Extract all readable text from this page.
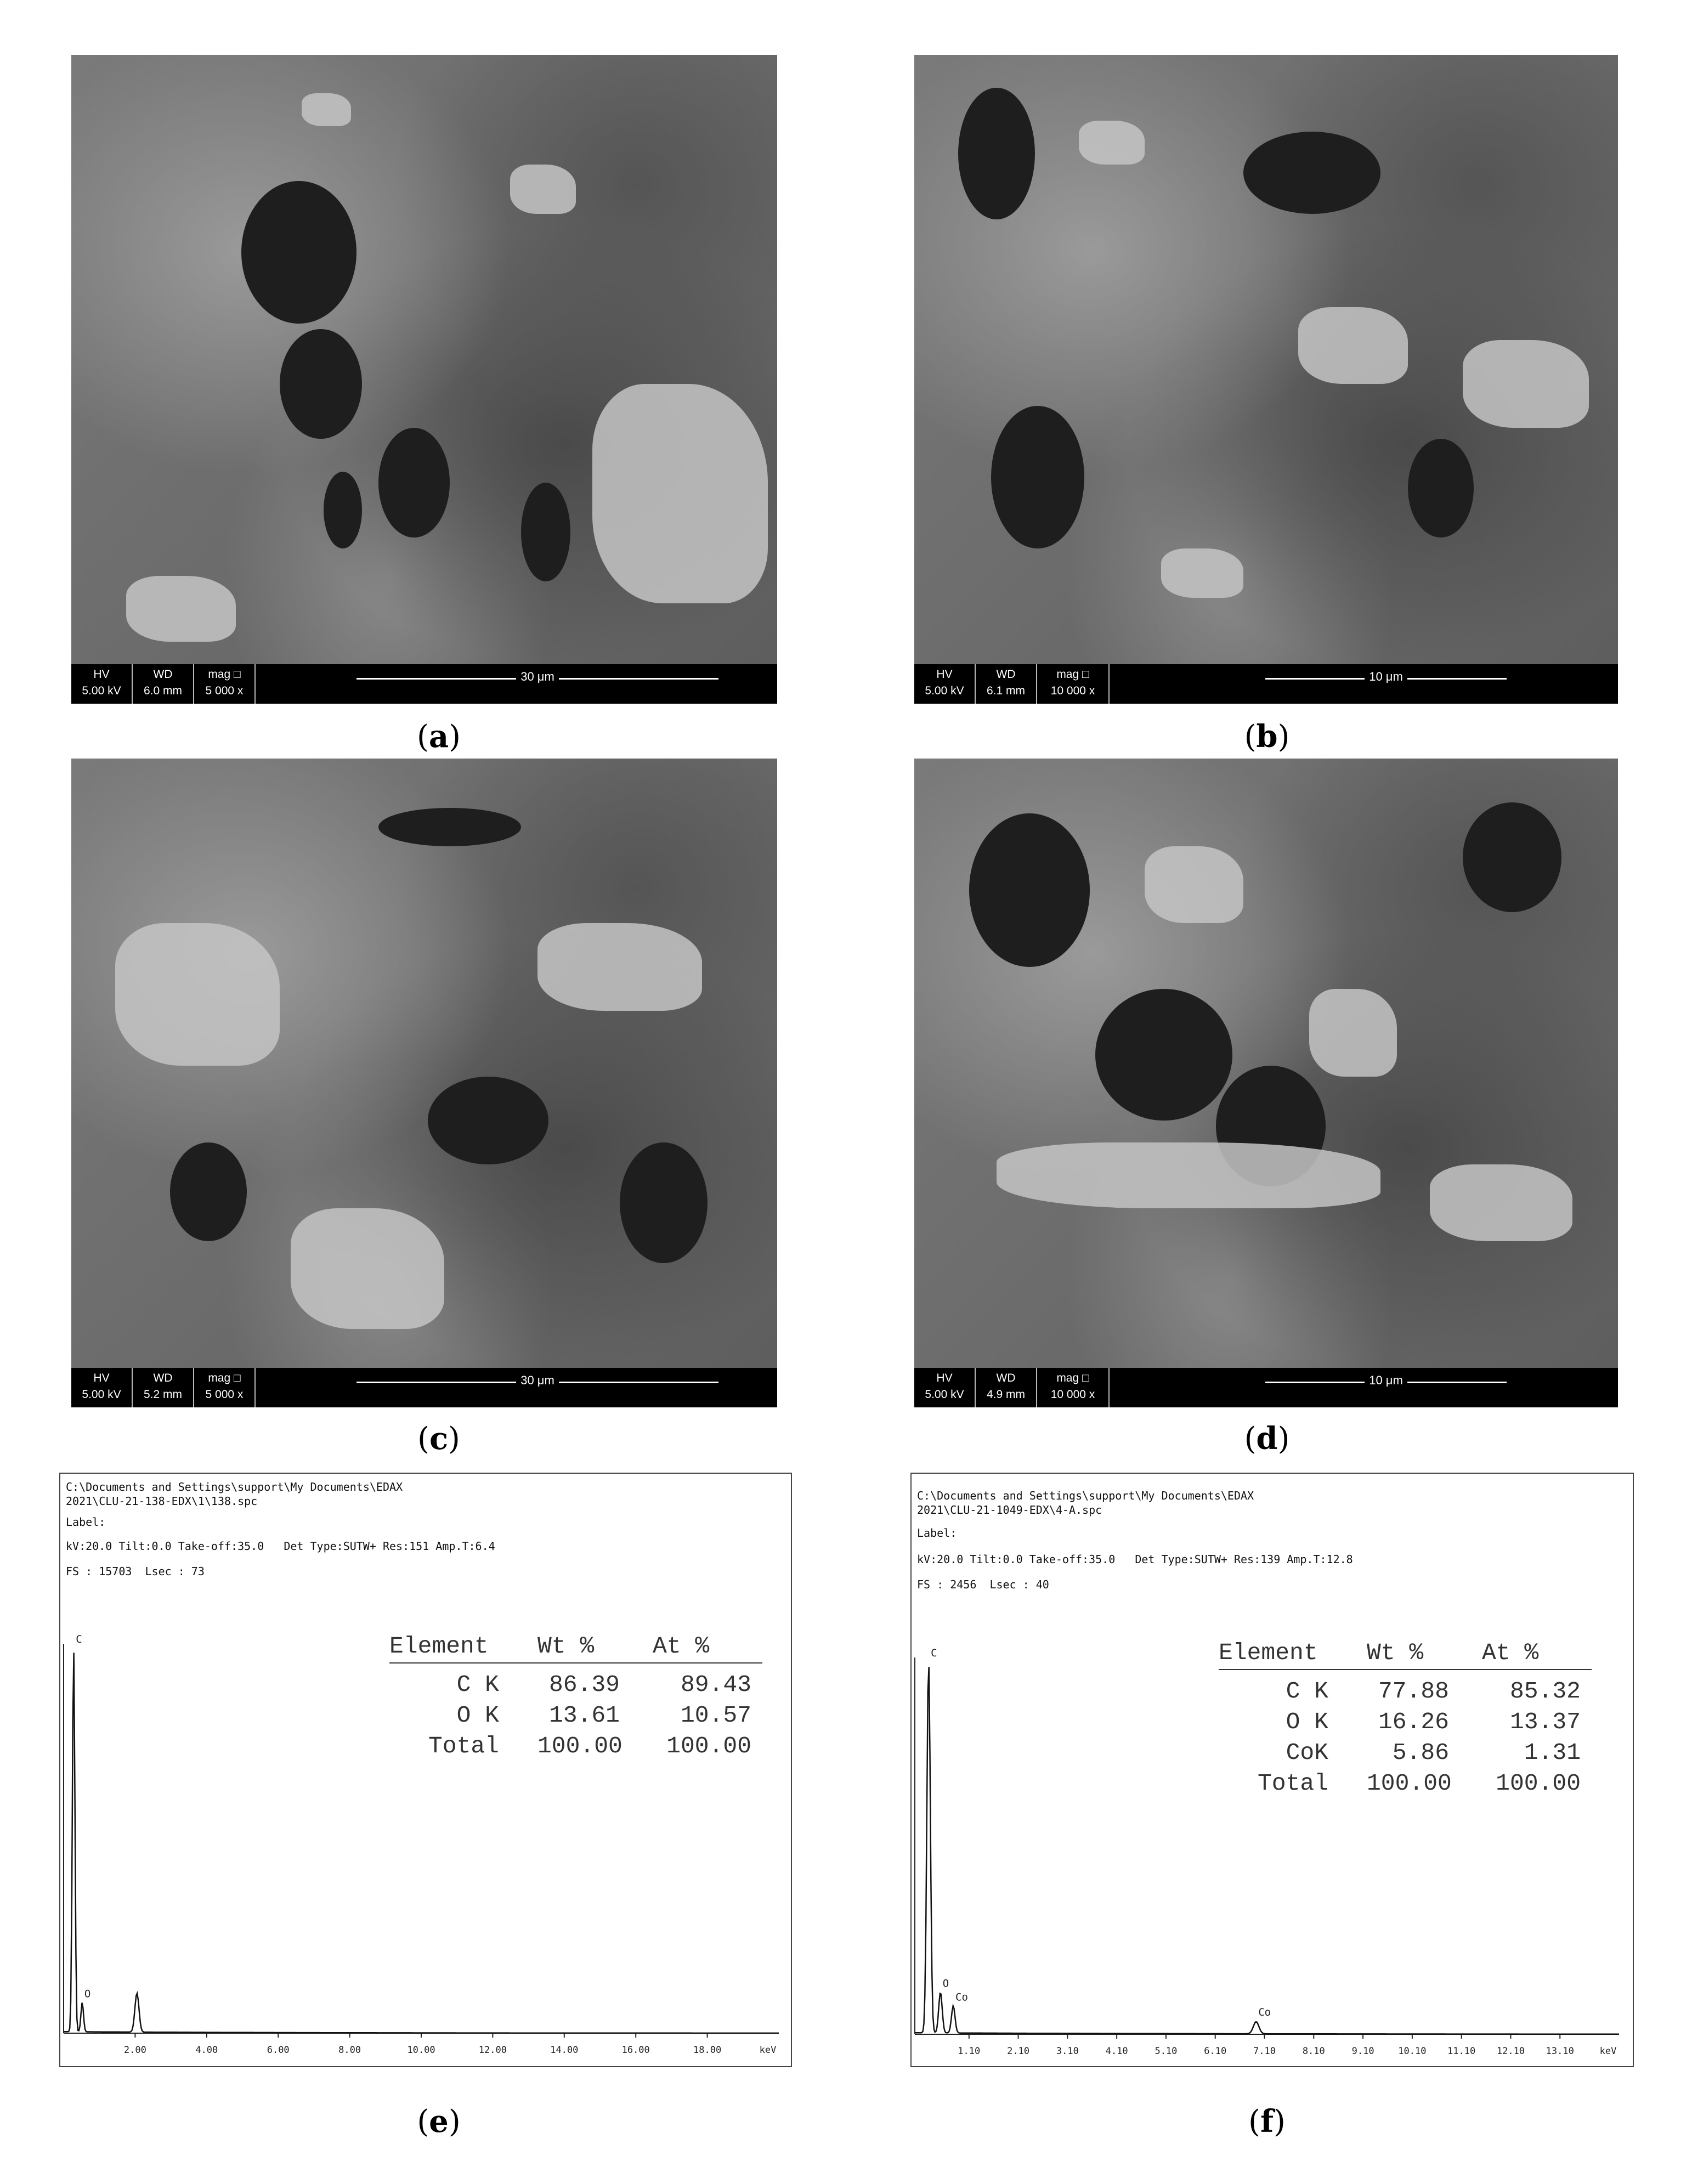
HV
5.00 kV
WD
6.0 mm
mag □
5 000 x
30 μm
(a)
HV
5.00 kV
WD
6.1 mm
mag □
10 000 x
10 μm
(b)
HV
5.00 kV
WD
5.2 mm
mag □
5 000 x
30 μm
(c)
HV
5.00 kV
WD
4.9 mm
mag □
10 000 x
10 μm
(d)
C:\Documents and Settings\support\My Documents\EDAX
2021\CLU-21-138-EDX\1\138.spc
Label:
kV:20.0 Tilt:0.0 Take-off:35.0   Det Type:SUTW+ Res:151 Amp.T:6.4
FS : 15703  Lsec : 73
Element Wt % At %
C K	86.39	89.43
O K	13.61	10.57
Total 100.00	100.00
2.00	4.00	6.00	8.00	10.00	12.00	14.00	16.00	18.00	keV
C
O
(e)
C:\Documents and Settings\support\My Documents\EDAX
2021\CLU-21-1049-EDX\4-A.spc
Label:
kV:20.0 Tilt:0.0 Take-off:35.0   Det Type:SUTW+ Res:139 Amp.T:12.8
FS : 2456  Lsec : 40
Element Wt % At %
C K	77.88	85.32
O K	16.26	13.37
CoK	5.86	1.31
Total 100.00	100.00
1.10	2.10	3.10	4.10	5.10	6.10	7.10	8.10	9.10	10.10 11.10 12.10 13.10	keV
C
O
Co
Co
(f)
